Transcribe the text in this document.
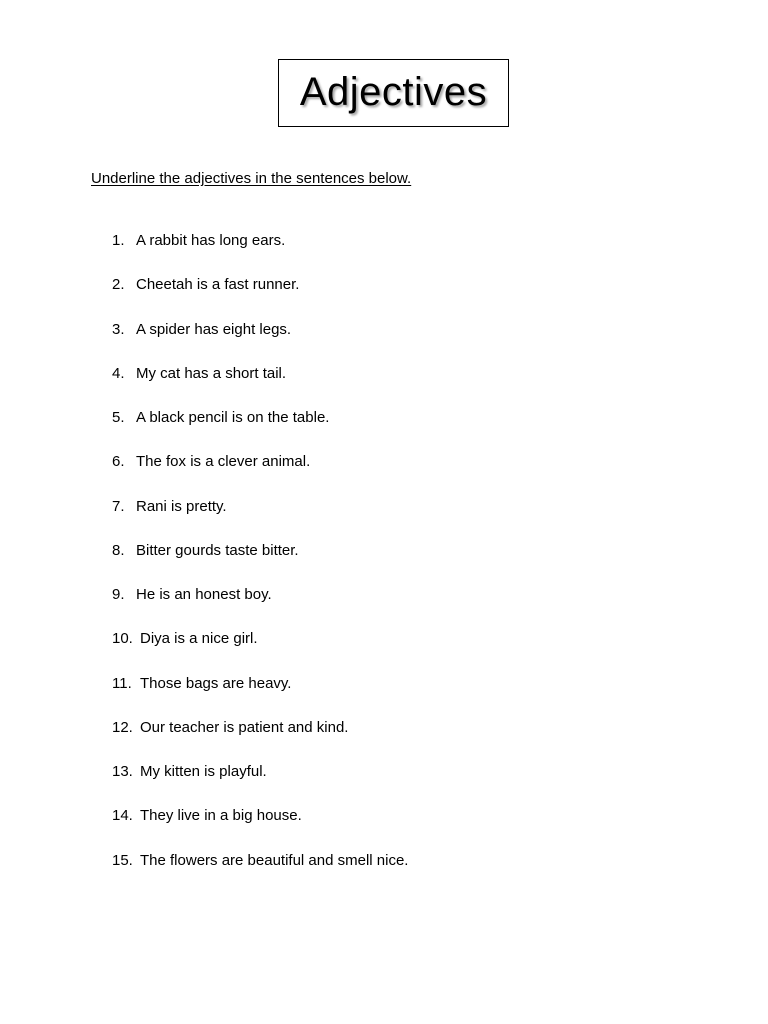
Adjectives
Underline the adjectives in the sentences below.
1. A rabbit has long ears.
2. Cheetah is a fast runner.
3. A spider has eight legs.
4. My cat has a short tail.
5. A black pencil is on the table.
6. The fox is a clever animal.
7. Rani is pretty.
8. Bitter gourds taste bitter.
9. He is an honest boy.
10. Diya is a nice girl.
11. Those bags are heavy.
12. Our teacher is patient and kind.
13. My kitten is playful.
14. They live in a big house.
15. The flowers are beautiful and smell nice.
